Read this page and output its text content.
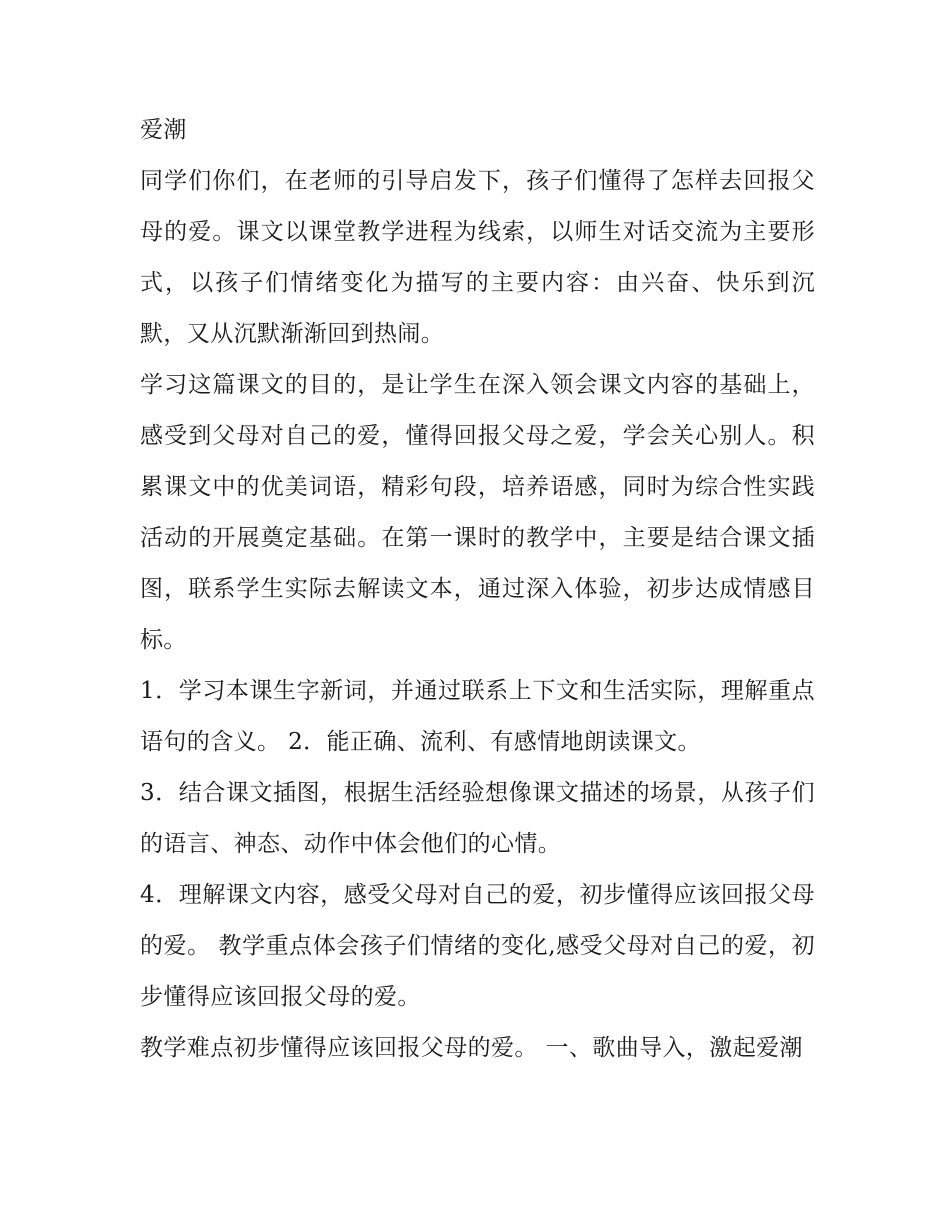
爱潮

同学们你们，在老师的引导启发下，孩子们懂得了怎样去回报父母的爱。课文以课堂教学进程为线索，以师生对话交流为主要形式，以孩子们情绪变化为描写的主要内容：由兴奋、快乐到沉默，又从沉默渐渐回到热闹。

学习这篇课文的目的，是让学生在深入领会课文内容的基础上，感受到父母对自己的爱，懂得回报父母之爱，学会关心别人。积累课文中的优美词语，精彩句段，培养语感，同时为综合性实践活动的开展奠定基础。在第一课时的教学中，主要是结合课文插图，联系学生实际去解读文本，通过深入体验，初步达成情感目标。

1．学习本课生字新词，并通过联系上下文和生活实际，理解重点语句的含义。 2．能正确、流利、有感情地朗读课文。

3．结合课文插图，根据生活经验想像课文描述的场景，从孩子们的语言、神态、动作中体会他们的心情。

4．理解课文内容，感受父母对自己的爱，初步懂得应该回报父母的爱。 教学重点体会孩子们情绪的变化,感受父母对自己的爱，初步懂得应该回报父母的爱。

教学难点初步懂得应该回报父母的爱。 一、歌曲导入，激起爱潮
